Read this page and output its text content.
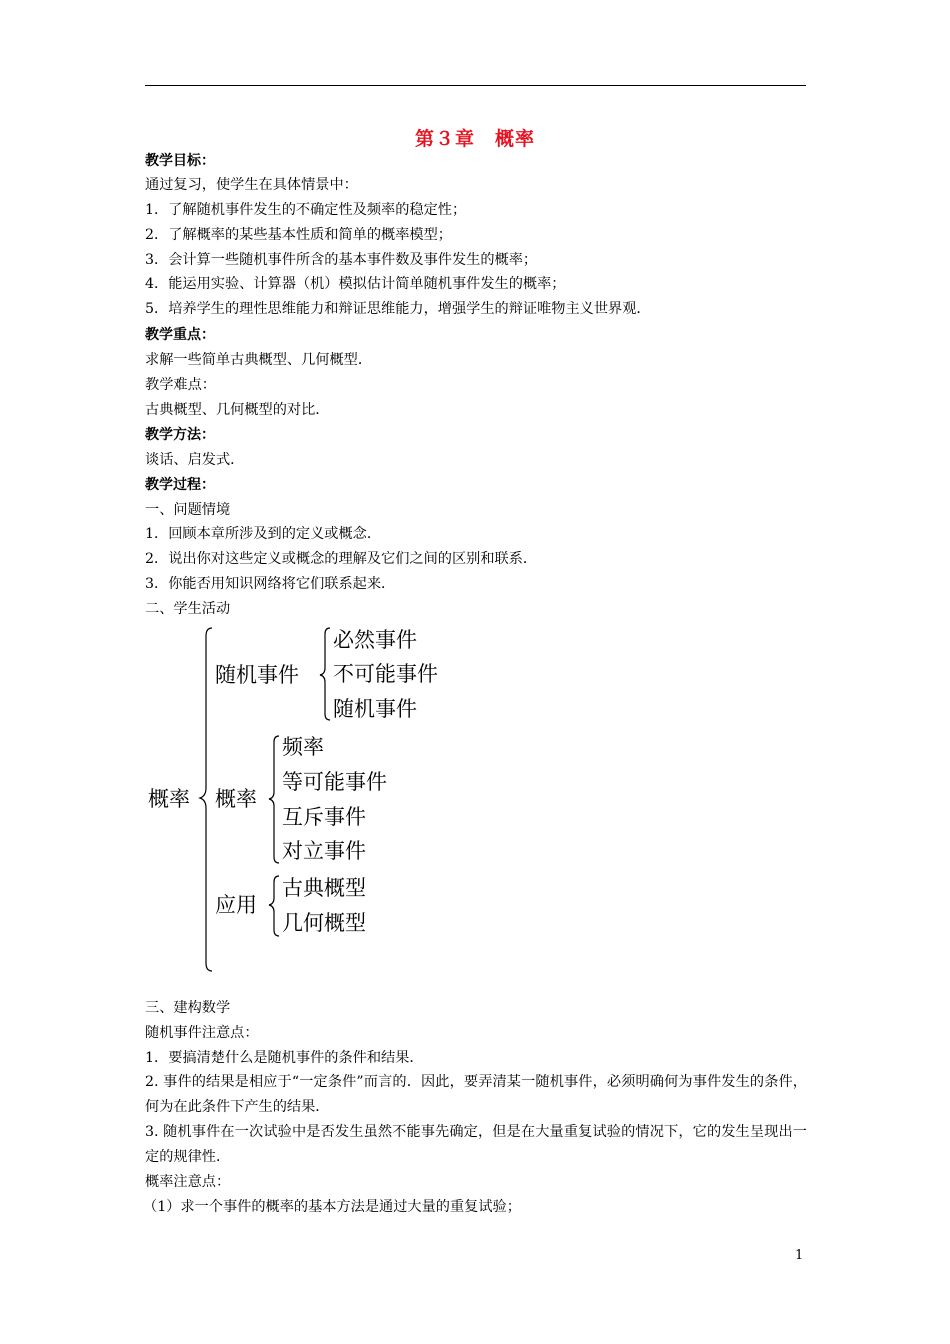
第３章　概率
教学目标：
通过复习，使学生在具体情景中：
1．了解随机事件发生的不确定性及频率的稳定性；
2．了解概率的某些基本性质和简单的概率模型；
3．会计算一些随机事件所含的基本事件数及事件发生的概率；
4．能运用实验、计算器（机）模拟估计简单随机事件发生的概率；
5．培养学生的理性思维能力和辩证思维能力，增强学生的辩证唯物主义世界观．
教学重点：
求解一些简单古典概型、几何概型．
教学难点：
古典概型、几何概型的对比．
教学方法：
谈话、启发式．
教学过程：
一、问题情境
1．回顾本章所涉及到的定义或概念．
2．说出你对这些定义或概念的理解及它们之间的区别和联系．
3．你能否用知识网络将它们联系起来．
二、学生活动
概率
随机事件
必然事件
不可能事件
随机事件
概率
频率
等可能事件
互斥事件
对立事件
应用
古典概型
几何概型
三、建构数学
随机事件注意点：
1．要搞清楚什么是随机事件的条件和结果．
2. 事件的结果是相应于“一定条件”而言的．因此，要弄清某一随机事件，必须明确何为事件发生的条件，何为在此条件下产生的结果．
3. 随机事件在一次试验中是否发生虽然不能事先确定，但是在大量重复试验的情况下，它的发生呈现出一定的规律性．
概率注意点：
（1）求一个事件的概率的基本方法是通过大量的重复试验；
1
